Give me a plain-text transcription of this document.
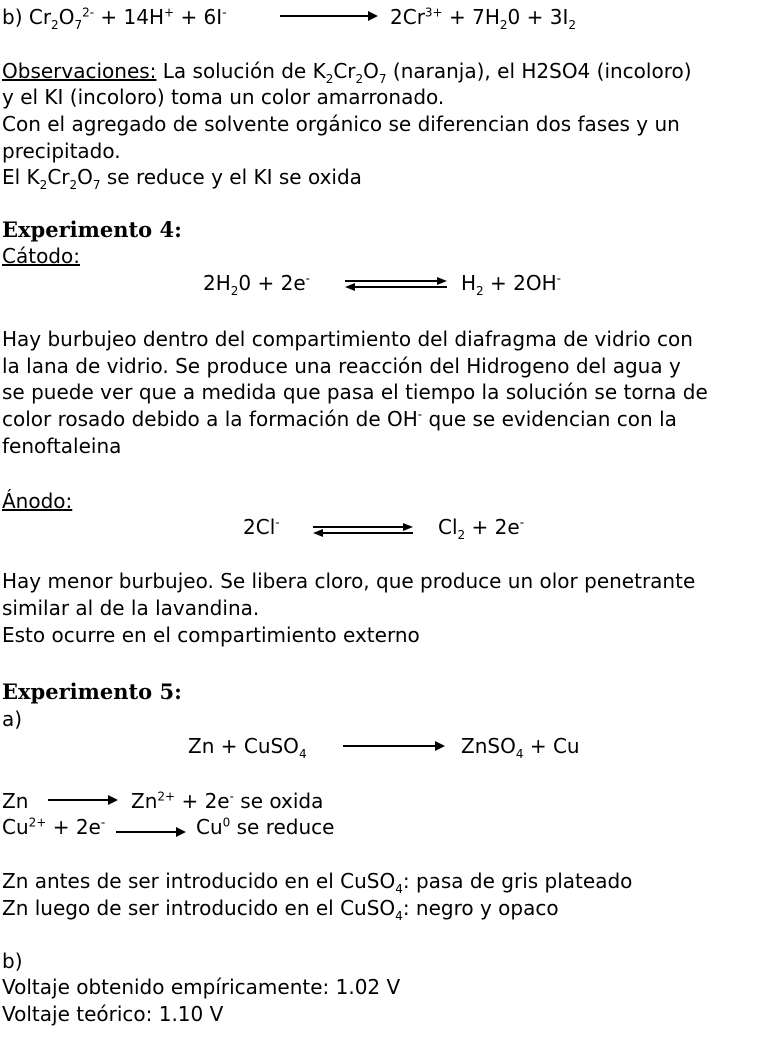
b) $Cr_2O_7^{2-} + 14H^+ + 6I^-$	$2Cr^{3+} + 7H_20 + 3I_2$
Observaciones: La solución de $K_2Cr_2O_7$ (naranja), el H2SO4 (incoloro)
y el KI (incoloro) toma un color amarronado.
Con el agregado de solvente orgánico se diferencian dos fases y un
precipitado.
El $K_2Cr_2O_7$ se reduce y el KI se oxida
Experimento 4:
Cátodo:
$2H_20 + 2e^-$	$H_2 + 2OH^-$
Hay burbujeo dentro del compartimiento del diafragma de vidrio con
la lana de vidrio. Se produce una reacción del Hidrogeno del agua y
se puede ver que a medida que pasa el tiempo la solución se torna de
color rosado debido a la formación de OH- que se evidencian con la
fenoftaleina
Ánodo:
2Cl-	$Cl_2 + 2e^-$
Hay menor burbujeo. Se libera cloro, que produce un olor penetrante
similar al de la lavandina.
Esto ocurre en el compartimiento externo
Experimento 5:
a)
Zn + CuSO$_4$	ZnSO$_4$ + Cu
Zn	$Zn^{2+} + 2e^-$ se oxida
$Cu^{2+} + 2e^-$	Cu$^0$ se reduce
Zn antes de ser introducido en el CuSO$_4$: pasa de gris plateado
Zn luego de ser introducido en el CuSO$_4$: negro y opaco
b)
Voltaje obtenido empíricamente: 1.02 V
Voltaje teórico: 1.10 V
